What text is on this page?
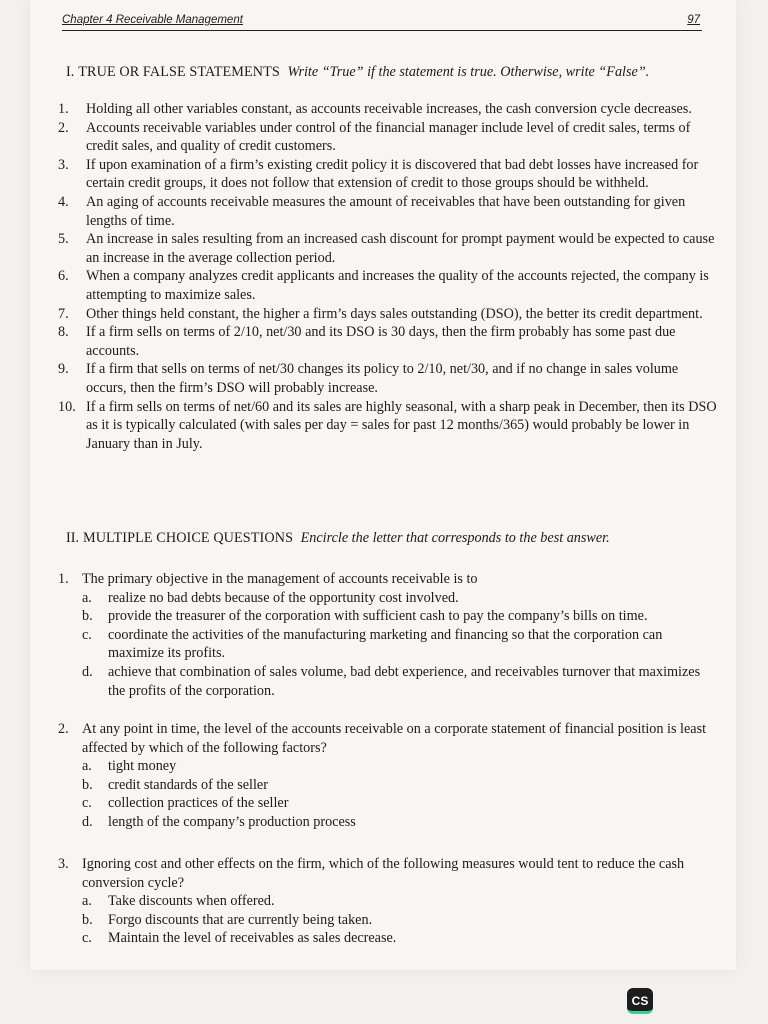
Chapter 4 Receivable Management	97
I. TRUE OR FALSE STATEMENTS Write “True” if the statement is true. Otherwise, write “False”.
1.	Holding all other variables constant, as accounts receivable increases, the cash conversion cycle decreases.
2.	Accounts receivable variables under control of the financial manager include level of credit sales, terms of credit sales, and quality of credit customers.
3.	If upon examination of a firm’s existing credit policy it is discovered that bad debt losses have increased for certain credit groups, it does not follow that extension of credit to those groups should be withheld.
4.	An aging of accounts receivable measures the amount of receivables that have been outstanding for given lengths of time.
5.	An increase in sales resulting from an increased cash discount for prompt payment would be expected to cause an increase in the average collection period.
6.	When a company analyzes credit applicants and increases the quality of the accounts rejected, the company is attempting to maximize sales.
7.	Other things held constant, the higher a firm’s days sales outstanding (DSO), the better its credit department.
8.	If a firm sells on terms of 2/10, net/30 and its DSO is 30 days, then the firm probably has some past due accounts.
9.	If a firm that sells on terms of net/30 changes its policy to 2/10, net/30, and if no change in sales volume occurs, then the firm’s DSO will probably increase.
10. If a firm sells on terms of net/60 and its sales are highly seasonal, with a sharp peak in December, then its DSO as it is typically calculated (with sales per day = sales for past 12 months/365) would probably be lower in January than in July.
II. MULTIPLE CHOICE QUESTIONS Encircle the letter that corresponds to the best answer.
1. The primary objective in the management of accounts receivable is to
a. realize no bad debts because of the opportunity cost involved.
b. provide the treasurer of the corporation with sufficient cash to pay the company’s bills on time.
c. coordinate the activities of the manufacturing marketing and financing so that the corporation can maximize its profits.
d. achieve that combination of sales volume, bad debt experience, and receivables turnover that maximizes the profits of the corporation.
2. At any point in time, the level of the accounts receivable on a corporate statement of financial position is least affected by which of the following factors?
a. tight money
b. credit standards of the seller
c. collection practices of the seller
d. length of the company’s production process
3. Ignoring cost and other effects on the firm, which of the following measures would tent to reduce the cash conversion cycle?
a. Take discounts when offered.
b. Forgo discounts that are currently being taken.
c. Maintain the level of receivables as sales decrease.
CS
